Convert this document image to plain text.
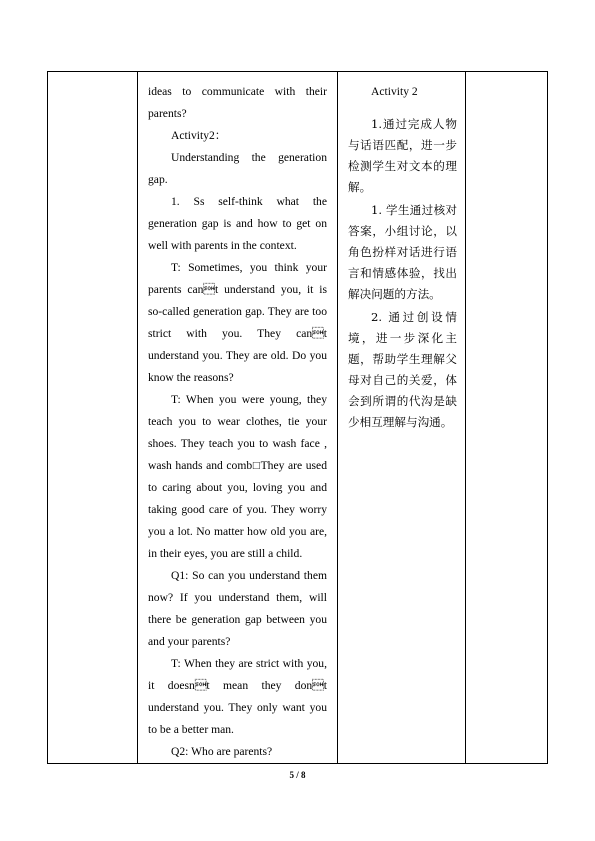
ideas to communicate with their parents?

Activity2：

Understanding the generation gap.

1. Ss self-think what the generation gap is and how to get on well with parents in the context.

T: Sometimes, you think your parents cant understand you, it is so-called generation gap. They are too strict with you. They cant understand you. They are old. Do you know the reasons?

T: When you were young, they teach you to wear clothes, tie your shoes. They teach you to wash face , wash hands and comb□They are used to caring about you, loving you and taking good care of you. They worry you a lot. No matter how old you are, in their eyes, you are still a child.

Q1: So can you understand them now? If you understand them, will there be generation gap between you and your parents?

T: When they are strict with you, it doesnt mean they dont understand you. They only want you to be a better man.

Q2: Who are parents?

Activity 2

1.通过完成人物与话语匹配，进一步检测学生对文本的理解。

1. 学生通过核对答案，小组讨论，以角色扮样对话进行语言和情感体验，找出解决问题的方法。

2. 通过创设情境，进一步深化主题，帮助学生理解父母对自己的关爱，体会到所谓的代沟是缺少相互理解与沟通。

5 / 8
